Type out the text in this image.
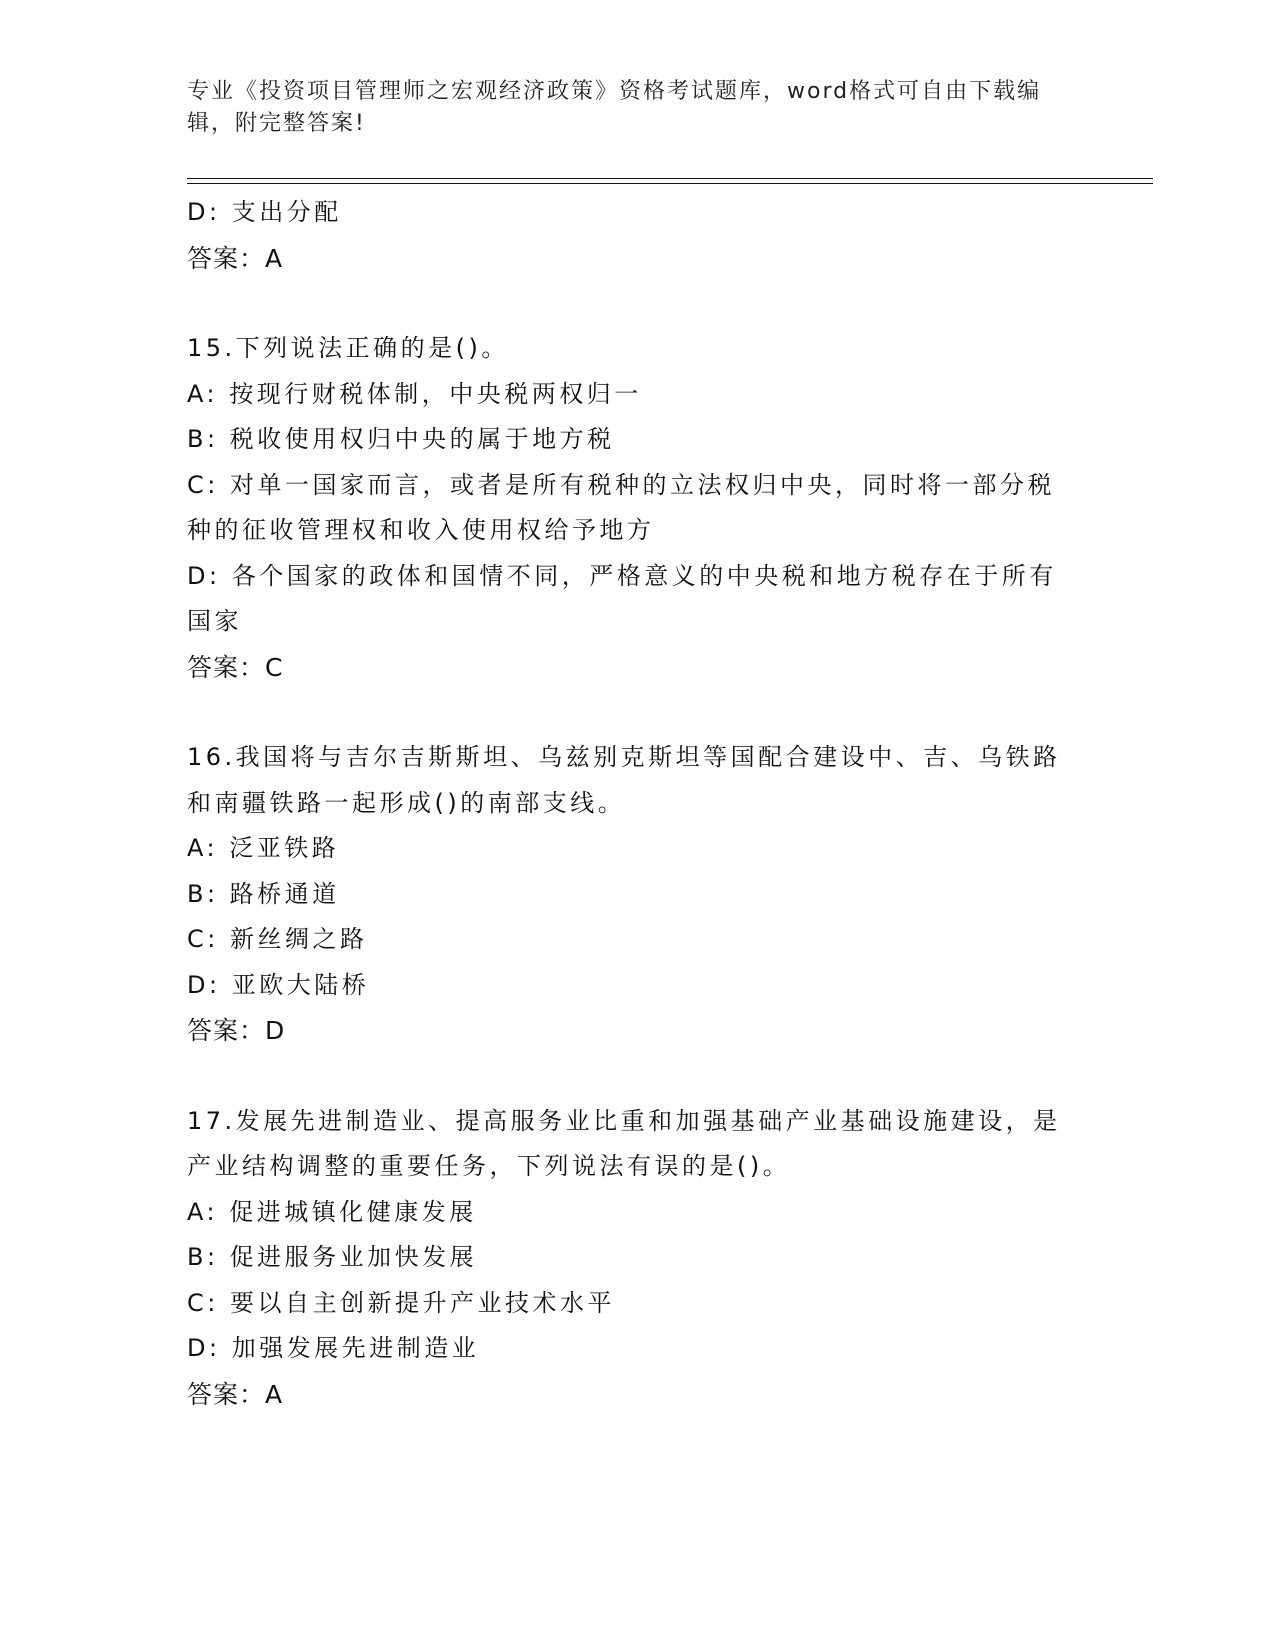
专业《投资项目管理师之宏观经济政策》资格考试题库，word格式可自由下载编辑，附完整答案!

D: 支出分配

答案：A

15.下列说法正确的是()。

A: 按现行财税体制，中央税两权归一

B: 税收使用权归中央的属于地方税

C: 对单一国家而言，或者是所有税种的立法权归中央，同时将一部分税种的征收管理权和收入使用权给予地方

D: 各个国家的政体和国情不同，严格意义的中央税和地方税存在于所有国家

答案：C

16.我国将与吉尔吉斯斯坦、乌兹别克斯坦等国配合建设中、吉、乌铁路和南疆铁路一起形成()的南部支线。

A: 泛亚铁路

B: 路桥通道

C: 新丝绸之路

D: 亚欧大陆桥

答案：D

17.发展先进制造业、提高服务业比重和加强基础产业基础设施建设，是产业结构调整的重要任务，下列说法有误的是()。

A: 促进城镇化健康发展

B: 促进服务业加快发展

C: 要以自主创新提升产业技术水平

D: 加强发展先进制造业

答案：A
